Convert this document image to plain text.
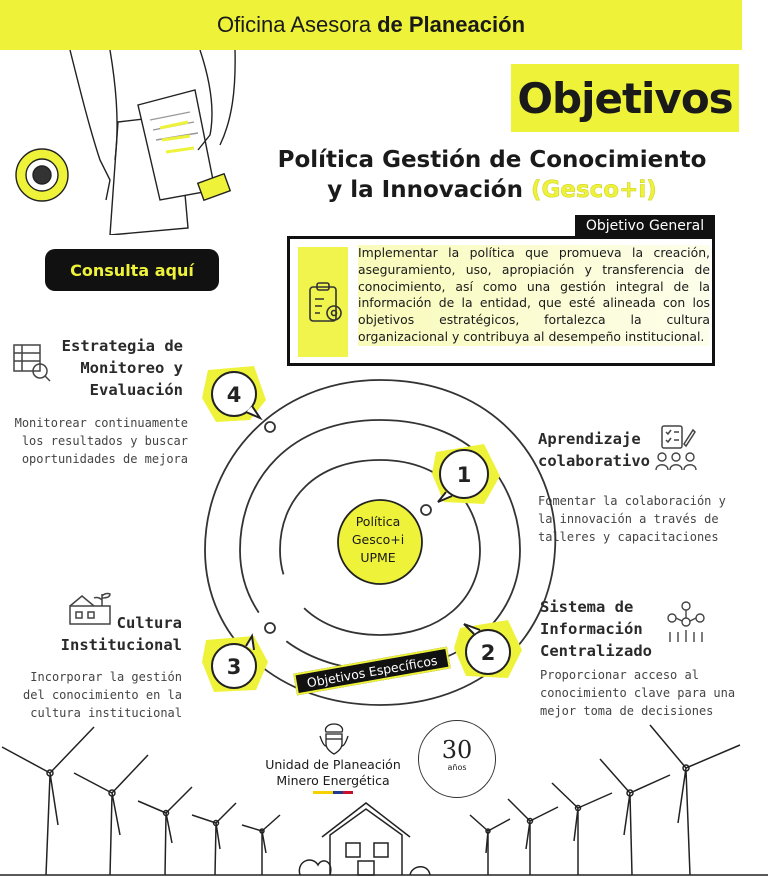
Oficina Asesora de Planeación
Objetivos
Política Gestión de Conocimiento
y la Innovación (Gesco+i)
Consulta aquí
Objetivo General
Implementar la política que promueva la creación, aseguramiento, uso, apropiación y transferencia de conocimiento, así como una gestión integral de la información de la entidad, que esté alineada con los objetivos estratégicos, fortalezca la cultura organizacional y contribuya al desempeño institucional.
Estrategia de
Monitoreo y
Evaluación
Monitorear continuamente
los resultados y buscar
oportunidades de mejora
Aprendizaje
colaborativo
Fomentar la colaboración y
la innovación a través de
talleres y capacitaciones
Cultura
Institucional
Incorporar la gestión
del conocimiento en la
cultura institucional
Sistema de
Información
Centralizado
Proporcionar acceso al
conocimiento clave para una
mejor toma de decisiones
Política
Gesco+i
UPME
4
1
3
2
Objetivos Específicos
Unidad de Planeación
Minero Energética
30
años
